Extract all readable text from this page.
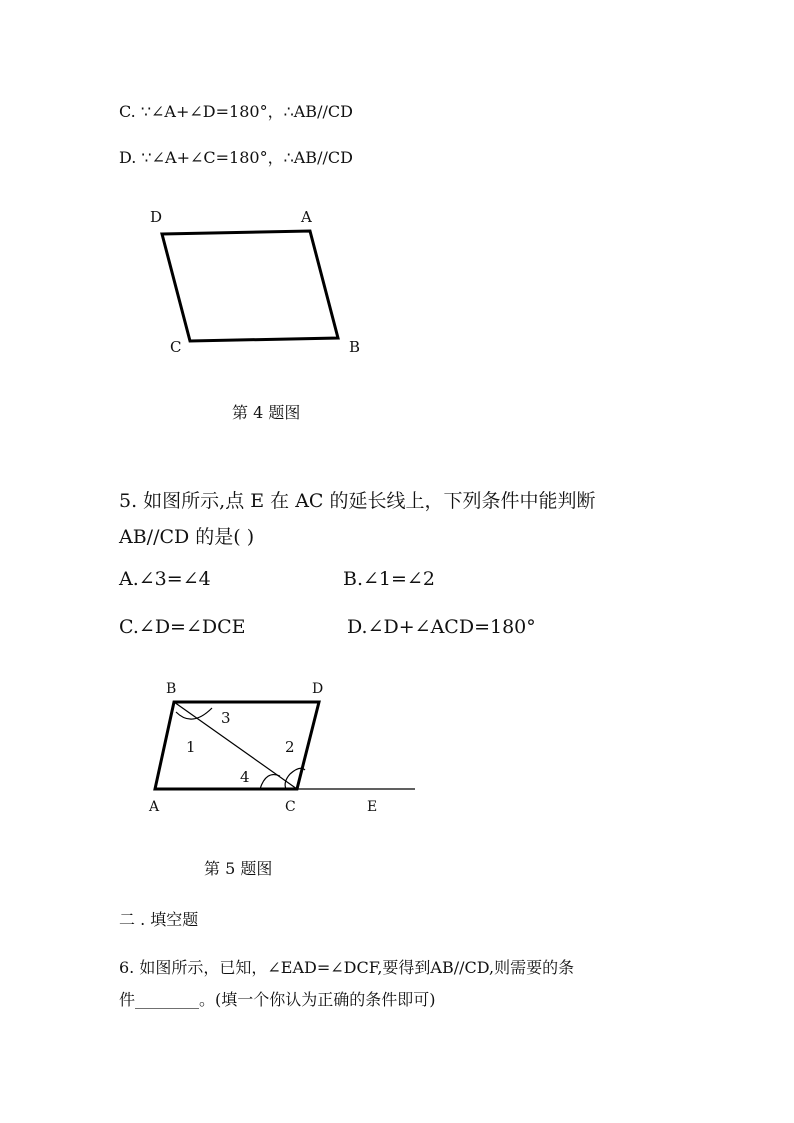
C. ∵∠A+∠D=180°，∴AB//CD
D. ∵∠A+∠C=180°，∴AB//CD
D	A
C	B
第 4 题图
5. 如图所示,点 E 在 AC 的延长线上，下列条件中能判断
AB//CD 的是( )
A.∠3=∠4	B.∠1=∠2
C.∠D=∠DCE	D.∠D+∠ACD=180°
B	D
A	C	E
1	2
3
4
第 5 题图
二 . 填空题
6. 如图所示，已知，∠EAD=∠DCF,要得到AB//CD,则需要的条
件________。(填一个你认为正确的条件即可)
